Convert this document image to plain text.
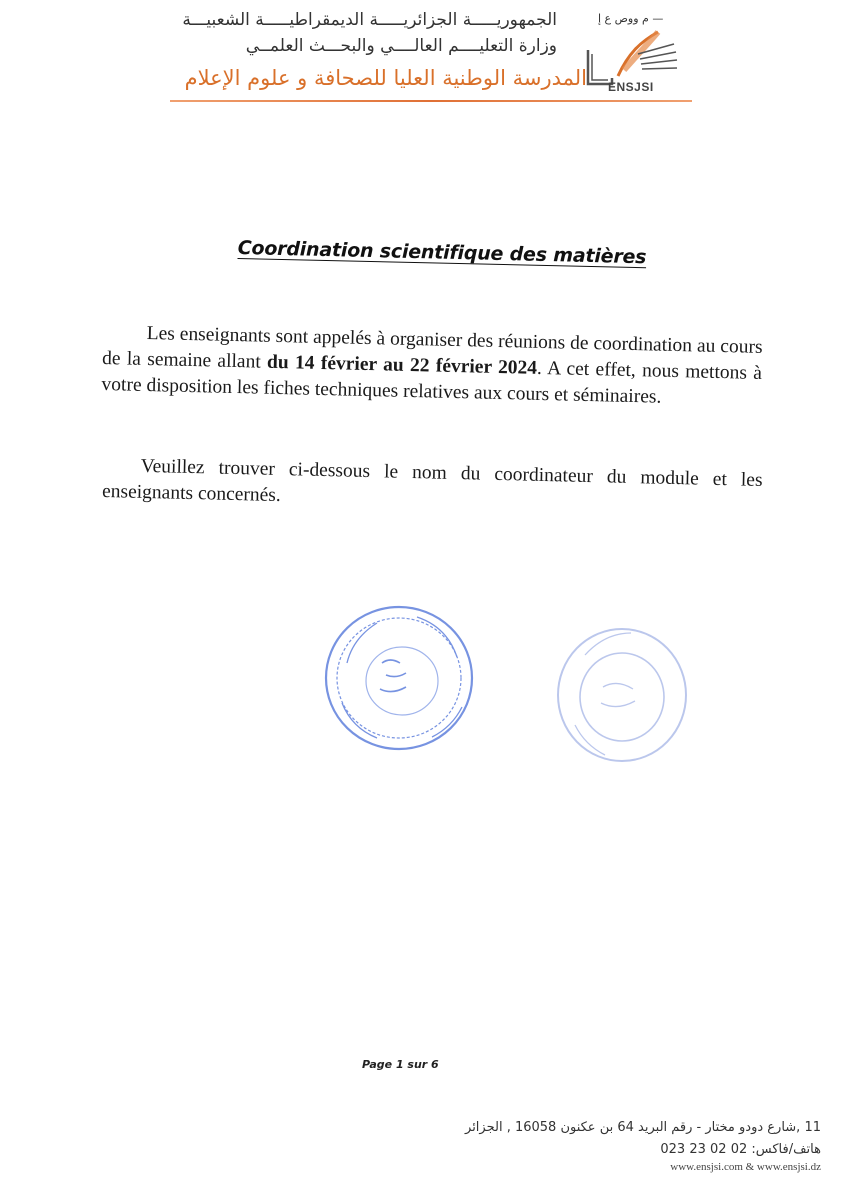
الجمهوريـــــة الجزائريـــــة الديمقراطيـــــة الشعبيـــة
وزارة التعليــــم العالــــي والبحـــث العلمــي
المدرسة الوطنية العليا للصحافة و علوم الإعلام
— م ووص ع إ
ENSJSI
Coordination scientifique des matières
Les enseignants sont appelés à organiser des réunions de coordination au cours de la semaine allant du 14 février au 22 février 2024. A cet effet, nous mettons à votre disposition les fiches techniques relatives aux cours et séminaires.
Veuillez trouver ci-dessous le nom du coordinateur du module et les enseignants concernés.
Page 1 sur 6
11 ,شارع دودو مختار - رقم البريد 64 بن عكنون 16058 , الجزائر
هاتف/فاكس: 02 02 23 023
www.ensjsi.com & www.ensjsi.dz
